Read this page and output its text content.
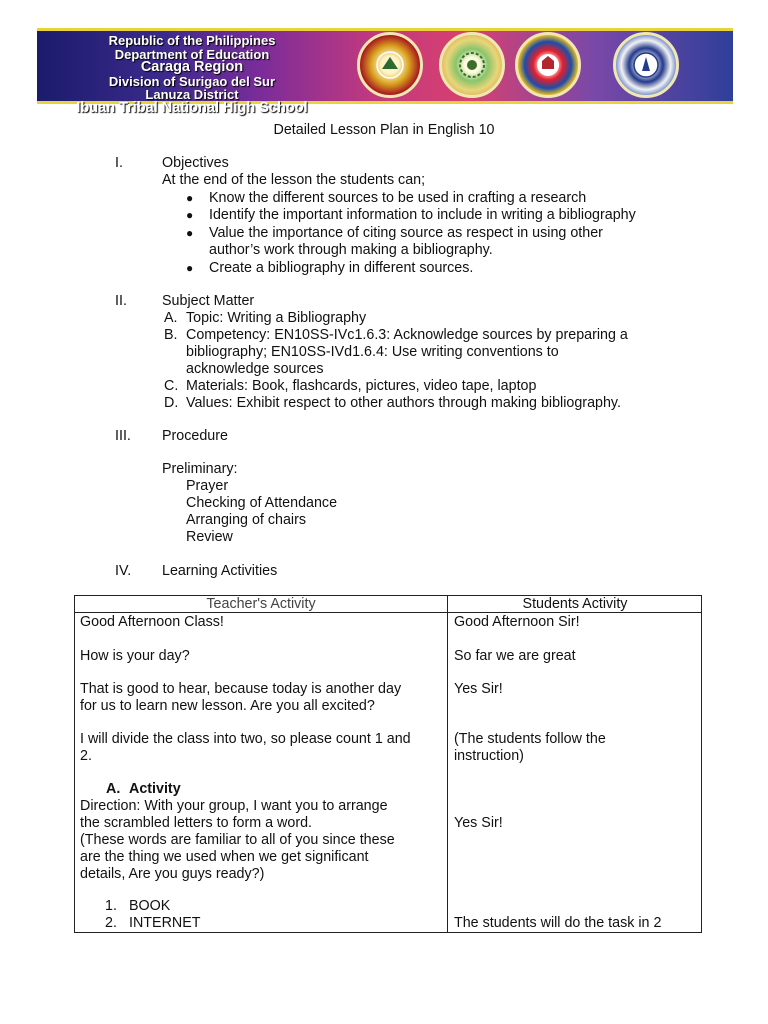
Republic of the Philippines
Department of Education
Caraga Region
Division of Surigao del Sur
Lanuza District
Ibuan Tribal National High School
Detailed Lesson Plan in English 10
I.	Objectives
At the end of the lesson the students can;
● Know the different sources to be used in crafting a research
● Identify the important information to include in writing a bibliography
● Value the importance of citing source as respect in using other
author’s work through making a bibliography.
● Create a bibliography in different sources.
II. Subject Matter
A. Topic: Writing a Bibliography
B. Competency: EN10SS-IVc1.6.3: Acknowledge sources by preparing a
bibliography; EN10SS-IVd1.6.4: Use writing conventions to
acknowledge sources
C. Materials: Book, flashcards, pictures, video tape, laptop
D. Values: Exhibit respect to other authors through making bibliography.
III. Procedure
Preliminary:
Prayer
Checking of Attendance
Arranging of chairs
Review
IV. Learning Activities
Teacher's Activity	Students Activity
Good Afternoon Class!
How is your day?
That is good to hear, because today is another day
for us to learn new lesson. Are you all excited?
I will divide the class into two, so please count 1 and
2.
A. Activity
Direction: With your group, I want you to arrange
the scrambled letters to form a word.
(These words are familiar to all of you since these
are the thing we used when we get significant
details, Are you guys ready?)
1. BOOK
2. INTERNET
Good Afternoon Sir!
So far we are great
Yes Sir!
(The students follow the
instruction)
Yes Sir!
The students will do the task in 2
